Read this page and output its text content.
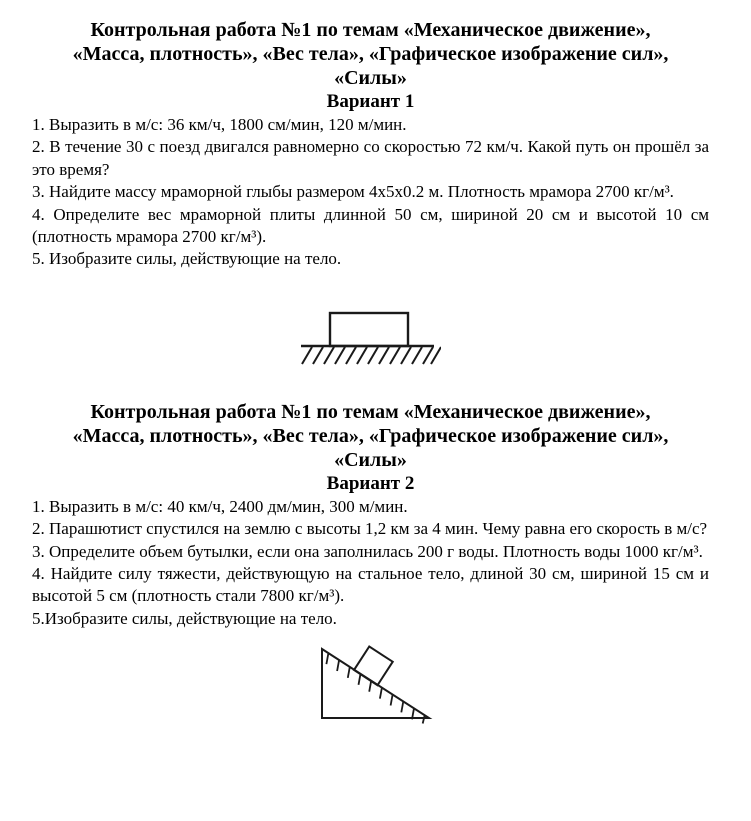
Контрольная работа №1 по темам «Механическое движение»,
«Масса, плотность», «Вес тела», «Графическое изображение сил»,
«Силы»
Вариант 1

1. Выразить в м/с: 36 км/ч, 1800 см/мин, 120 м/мин.

2. В течение 30 с поезд двигался равномерно со скоростью 72 км/ч. Какой путь он прошёл за это время?

3. Найдите массу мраморной глыбы размером 4х5х0.2 м. Плотность мрамора 2700 кг/м³.

4. Определите вес мраморной плиты длинной 50 см, шириной 20 см и высотой 10 см (плотность мрамора 2700 кг/м³).

5. Изобразите силы, действующие на тело.

Контрольная работа №1 по темам «Механическое движение»,
«Масса, плотность», «Вес тела», «Графическое изображение сил»,
«Силы»
Вариант 2

1. Выразить в м/с: 40 км/ч, 2400 дм/мин, 300 м/мин.

2. Парашютист спустился на землю с высоты 1,2 км за 4 мин. Чему равна его скорость в м/с?

3. Определите объем бутылки, если она заполнилась 200 г воды. Плотность воды 1000 кг/м³.

4. Найдите силу тяжести, действующую на стальное тело, длиной 30 см, шириной 15 см и высотой 5 см (плотность стали 7800 кг/м³).

5.Изобразите силы, действующие на тело.
